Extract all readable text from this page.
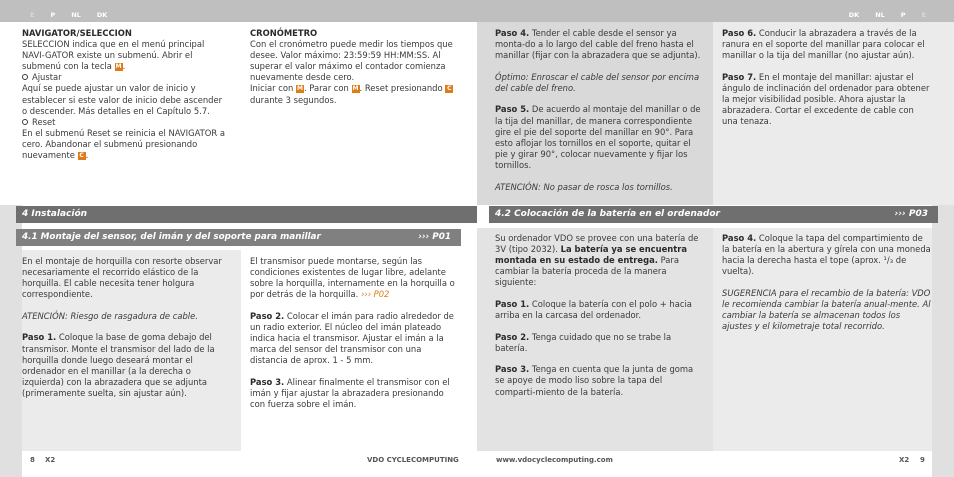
E P NL DK	DK NL P E

NAVIGATOR/SELECCION

SELECCION indica que en el menú principal NAVI-GATOR existe un submenú. Abrir el submenú con la tecla M.

Ajustar

Aquí se puede ajustar un valor de inicio y establecer si este valor de inicio debe ascender o descender. Más detalles en el Capítulo 5.7.

Reset

En el submenú Reset se reinicia el NAVIGATOR a cero. Abandonar el submenú presionando nuevamente C .

CRONÓMETRO

Con el cronómetro puede medir los tiempos que desee. Valor máximo: 23:59:59 HH:MM:SS. Al superar el valor máximo el contador comienza nuevamente desde cero.

Iniciar con M. Parar con M. Reset presionando C durante 3 segundos.

Paso 4. Tender el cable desde el sensor ya monta-do a lo largo del cable del freno hasta el manillar (fijar con la abrazadera que se adjunta).

Óptimo: Enroscar el cable del sensor por encima del cable del freno.

Paso 5. De acuerdo al montaje del manillar o de la tija del manillar, de manera correspondiente gire el pie del soporte del manillar en 90°. Para esto aflojar los tornillos en el soporte, quitar el pie y girar 90°, colocar nuevamente y fijar los tornillos.

ATENCIÓN: No pasar de rosca los tornillos.

Paso 6. Conducir la abrazadera a través de la ranura en el soporte del manillar para colocar el manillar o la tija del manillar (no ajustar aún).

Paso 7. En el montaje del manillar: ajustar el ángulo de inclinación del ordenador para obtener la mejor visibilidad posible. Ahora ajustar la abrazadera. Cortar el excedente de cable con una tenaza.

4 Instalación
4.1 Montaje del sensor, del imán y del soporte para manillar	››› P01
4.2 Colocación de la batería en el ordenador	››› P03

En el montaje de horquilla con resorte observar necesariamente el recorrido elástico de la horquilla. El cable necesita tener holgura correspondiente.

ATENCIÓN: Riesgo de rasgadura de cable.

Paso 1. Coloque la base de goma debajo del transmisor. Monte el transmisor del lado de la horquilla donde luego deseará montar el ordenador en el manillar (a la derecha o izquierda) con la abrazadera que se adjunta (primeramente suelta, sin ajustar aún).

El transmisor puede montarse, según las condiciones existentes de lugar libre, adelante sobre la horquilla, internamente en la horquilla o por detrás de la horquilla. ››› P02

Paso 2. Colocar el imán para radio alrededor de un radio exterior. El núcleo del imán plateado indica hacia el transmisor. Ajustar el imán a la marca del sensor del transmisor con una distancia de aprox. 1 - 5 mm.

Paso 3. Alinear finalmente el transmisor con el imán y fijar ajustar la abrazadera presionando con fuerza sobre el imán.

Su ordenador VDO se provee con una batería de 3V (tipo 2032). La batería ya se encuentra montada en su estado de entrega. Para cambiar la batería proceda de la manera siguiente:

Paso 1. Coloque la batería con el polo + hacia arriba en la carcasa del ordenador.

Paso 2. Tenga cuidado que no se trabe la batería.

Paso 3. Tenga en cuenta que la junta de goma se apoye de modo liso sobre la tapa del comparti-miento de la batería.

Paso 4. Coloque la tapa del compartimiento de la batería en la abertura y gírela con una moneda hacia la derecha hasta el tope (aprox. ¹/₃ de vuelta).

SUGERENCIA para el recambio de la batería: VDO le recomienda cambiar la batería anual-mente. Al cambiar la batería se almacenan todos los ajustes y el kilometraje total recorrido.

8 X2	VDO CYCLECOMPUTING	www.vdocyclecomputing.com	X2 9
